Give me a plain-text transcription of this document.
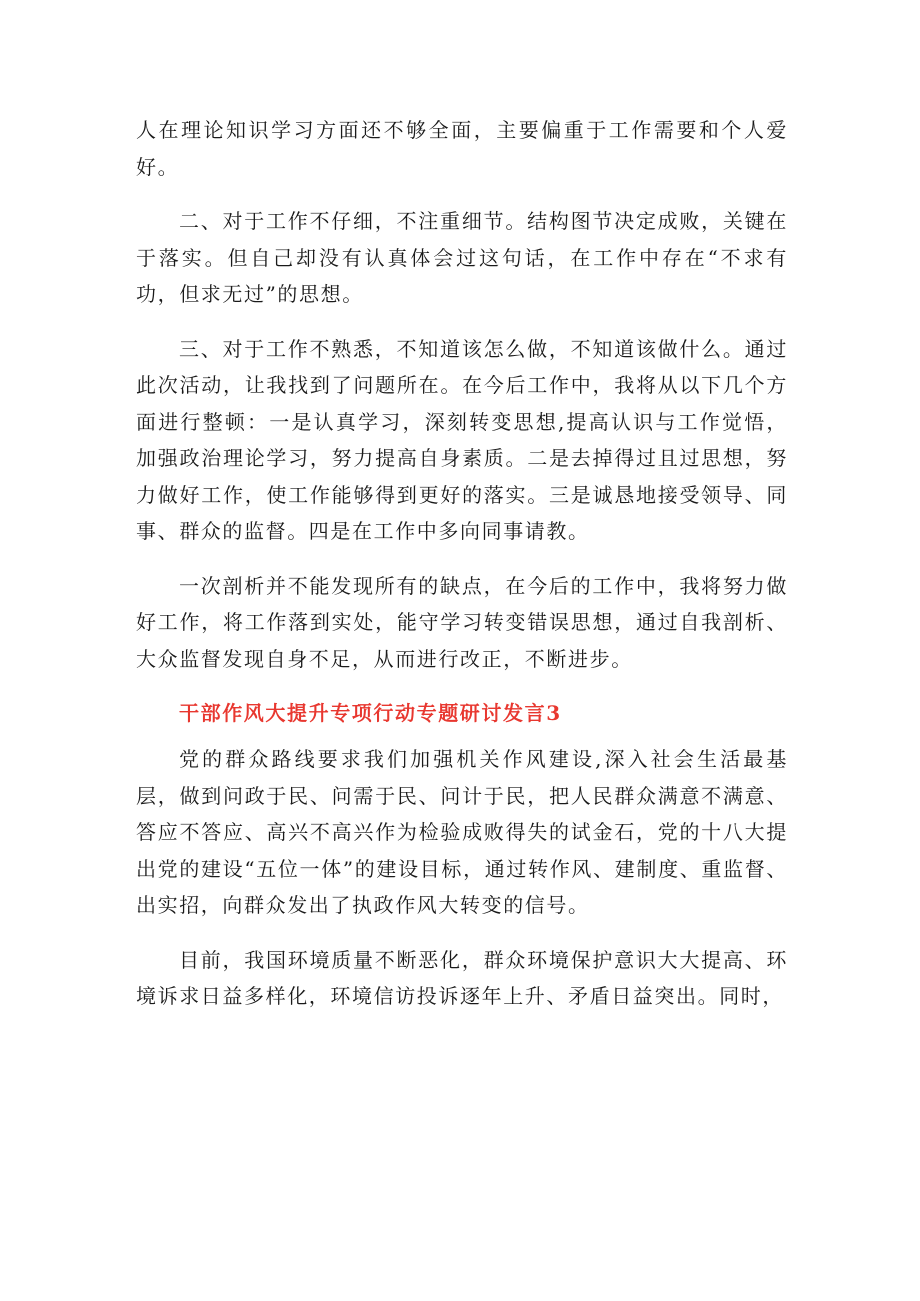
人在理论知识学习方面还不够全面，主要偏重于工作需要和个人爱好。

二、对于工作不仔细，不注重细节。结构图节决定成败，关键在于落实。但自己却没有认真体会过这句话，在工作中存在“不求有功，但求无过”的思想。

三、对于工作不熟悉，不知道该怎么做，不知道该做什么。通过此次活动，让我找到了问题所在。在今后工作中，我将从以下几个方面进行整顿：一是认真学习，深刻转变思想,提高认识与工作觉悟，加强政治理论学习，努力提高自身素质。二是去掉得过且过思想，努力做好工作，使工作能够得到更好的落实。三是诚恳地接受领导、同事、群众的监督。四是在工作中多向同事请教。

一次剖析并不能发现所有的缺点，在今后的工作中，我将努力做好工作，将工作落到实处，能守学习转变错误思想，通过自我剖析、大众监督发现自身不足，从而进行改正，不断进步。

干部作风大提升专项行动专题研讨发言3

党的群众路线要求我们加强机关作风建设,深入社会生活最基层，做到问政于民、问需于民、问计于民，把人民群众满意不满意、答应不答应、高兴不高兴作为检验成败得失的试金石，党的十八大提出党的建设“五位一体”的建设目标，通过转作风、建制度、重监督、出实招，向群众发出了执政作风大转变的信号。

目前，我国环境质量不断恶化，群众环境保护意识大大提高、环境诉求日益多样化，环境信访投诉逐年上升、矛盾日益突出。同时，
